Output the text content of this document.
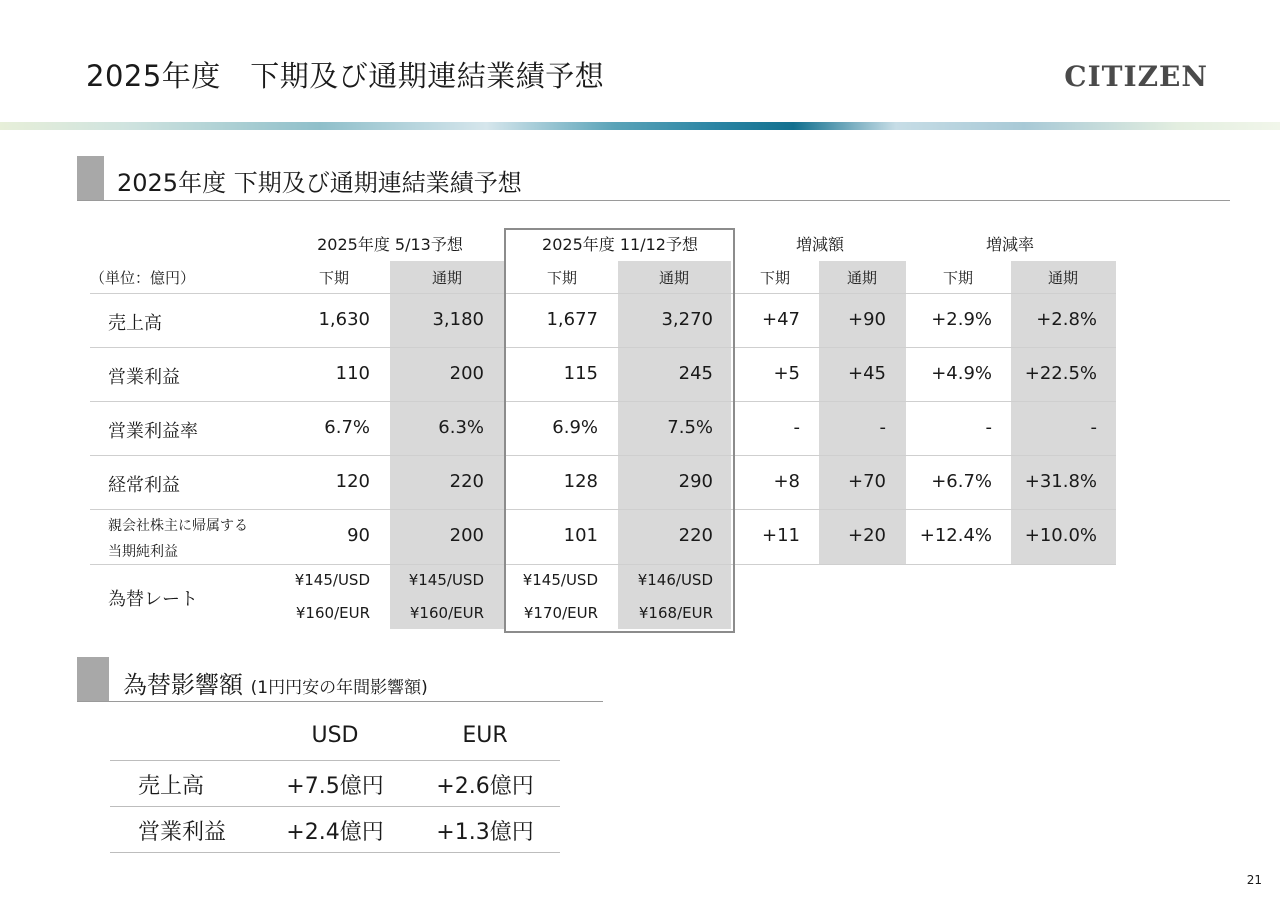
2025年度　下期及び通期連結業績予想	CITIZEN
2025年度 下期及び通期連結業績予想
2025年度 5/13予想	2025年度 11/12予想	増減額	増減率
（単位：億円）	下期	通期	下期	通期	下期	通期	下期	通期
売上高	1,630	3,180	1,677	3,270	+47	+90	+2.9%	+2.8%
営業利益	110	200	115	245	+5	+45	+4.9%	+22.5%
営業利益率	6.7%	6.3%	6.9%	7.5%	-	-	-	-
経常利益	120	220	128	290	+8	+70	+6.7%	+31.8%
親会社株主に帰属する
当期純利益
90	200	101	220	+11	+20	+12.4%	+10.0%
為替レート
¥145/USD	¥145/USD	¥145/USD	¥146/USD
¥160/EUR	¥160/EUR	¥170/EUR	¥168/EUR
為替影響額 (1円円安の年間影響額)
USD	EUR
売上高	+7.5億円	+2.6億円
営業利益	+2.4億円	+1.3億円
21
